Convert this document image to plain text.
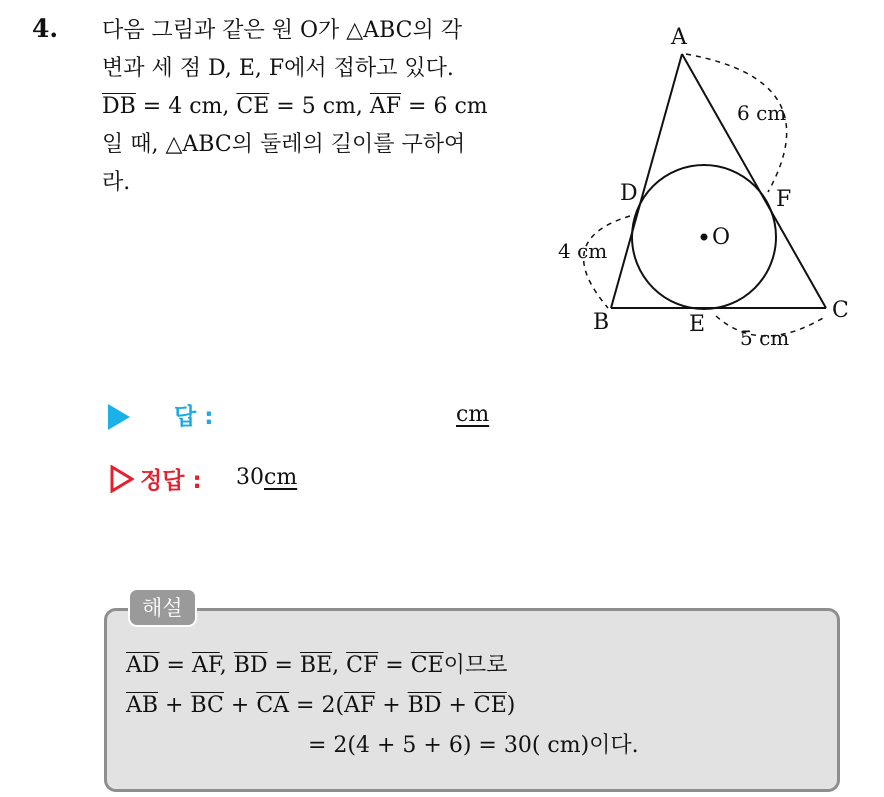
4. 다음 그림과 같은 원 O가 △ABC의 각
변과 세 점 D, E, F에서 접하고 있다.
$\overline{DB} = 4$ cm, $\overline{CE} = 5$ cm, $\overline{AF} = 6$ cm
일 때, △ABC의 둘레의 길이를 구하여
라.
A
B	C
D
E
F
O
6 cm
4 cm
5 cm
답 :	cm
정답 : 30cm
해설
$\overline{AD} = \overline{AF}$, $\overline{BD} = \overline{BE}$, $\overline{CF} = \overline{CE}$이므로
$\overline{AB} + \overline{BC} + \overline{CA} = 2(\overline{AF} + \overline{BD} + \overline{CE})$
= 2(4 + 5 + 6) = 30( cm)이다.
